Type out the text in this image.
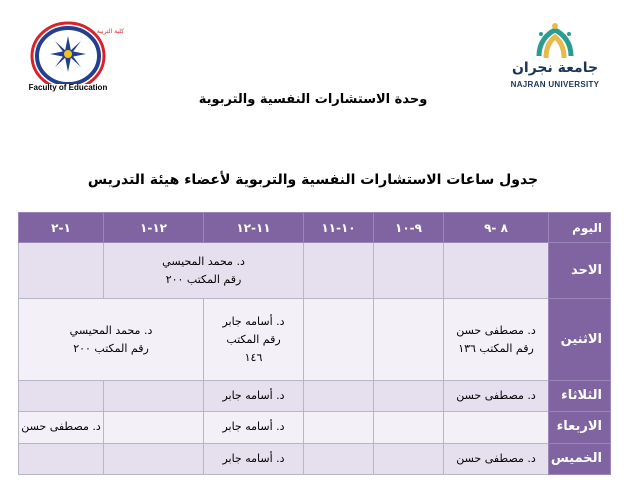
Faculty of Education
كلية التربية
جامعة نجران
NAJRAN UNIVERSITY
وحدة الاستشارات النفسية والتربوية
جدول ساعات الاستشارات النفسية والتربوية لأعضاء هيئة التدريس
اليوم	٨ -٩	٩-١٠	١٠-١١	١١-١٢	١٢-١	١-٢
الاحد				د. محمد المحيسي
رقم المكتب ٢٠٠		

الاثنين	د. مصطفى حسن
رقم المكتب ١٣٦			د. أسامه جابر
رقم المكتب
١٤٦	د. محمد المحيسي
رقم المكتب ٢٠٠	

الثلاثاء	د. مصطفى حسن			د. أسامه جابر		
الاربعاء				د. أسامه جابر		د. مصطفى حسن
الخميس	د. مصطفى حسن			د. أسامه جابر		
